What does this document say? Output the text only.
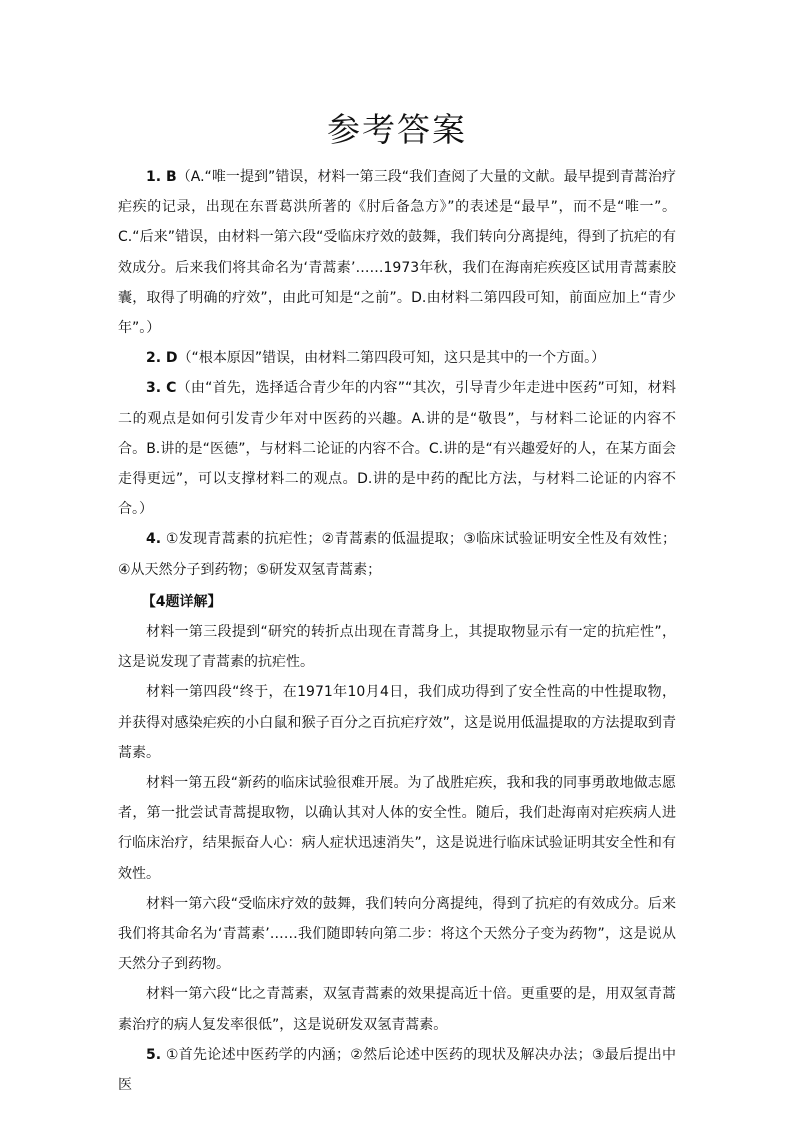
参考答案

1. B（A.“唯一提到”错误，材料一第三段“我们查阅了大量的文献。最早提到青蒿治疗疟疾的记录，出现在东晋葛洪所著的《肘后备急方》”的表述是“最早”，而不是“唯一”。 C.“后来”错误，由材料一第六段“受临床疗效的鼓舞，我们转向分离提纯，得到了抗疟的有效成分。后来我们将其命名为‘青蒿素’……1973年秋，我们在海南疟疾疫区试用青蒿素胶囊，取得了明确的疗效”，由此可知是“之前”。D.由材料二第四段可知，前面应加上“青少年”。）

2. D（“根本原因”错误，由材料二第四段可知，这只是其中的一个方面。）

3. C（由“首先，选择适合青少年的内容”“其次，引导青少年走进中医药”可知，材料二的观点是如何引发青少年对中医药的兴趣。A.讲的是“敬畏”，与材料二论证的内容不合。B.讲的是“医德”，与材料二论证的内容不合。C.讲的是“有兴趣爱好的人，在某方面会走得更远”，可以支撑材料二的观点。D.讲的是中药的配比方法，与材料二论证的内容不合。）

4. ①发现青蒿素的抗疟性；②青蒿素的低温提取；③临床试验证明安全性及有效性；④从天然分子到药物；⑤研发双氢青蒿素；

【4题详解】

材料一第三段提到“研究的转折点出现在青蒿身上，其提取物显示有一定的抗疟性”，这是说发现了青蒿素的抗疟性。

材料一第四段“终于，在1971年10月4日，我们成功得到了安全性高的中性提取物，并获得对感染疟疾的小白鼠和猴子百分之百抗疟疗效”，这是说用低温提取的方法提取到青蒿素。

材料一第五段“新药的临床试验很难开展。为了战胜疟疾，我和我的同事勇敢地做志愿者，第一批尝试青蒿提取物，以确认其对人体的安全性。随后，我们赴海南对疟疾病人进行临床治疗，结果振奋人心：病人症状迅速消失”，这是说进行临床试验证明其安全性和有效性。

材料一第六段“受临床疗效的鼓舞，我们转向分离提纯，得到了抗疟的有效成分。后来我们将其命名为‘青蒿素’……我们随即转向第二步：将这个天然分子变为药物”，这是说从天然分子到药物。

材料一第六段“比之青蒿素，双氢青蒿素的效果提高近十倍。更重要的是，用双氢青蒿素治疗的病人复发率很低”，这是说研发双氢青蒿素。

5. ①首先论述中医药学的内涵；②然后论述中医药的现状及解决办法；③最后提出中医
